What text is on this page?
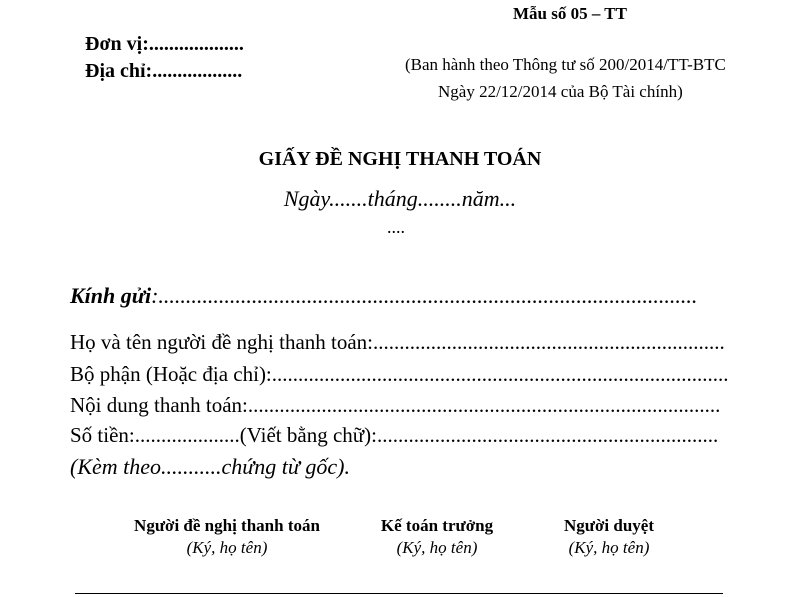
Mẫu số 05 – TT
Đơn vị:...................
Địa chỉ:..................	(Ban hành theo Thông tư số 200/2014/TT-BTC
Ngày 22/12/2014 của Bộ Tài chính)
GIẤY ĐỀ NGHỊ THANH TOÁN
Ngày.......tháng........năm...
....
Kính gửi:..................................................................................................
Họ và tên người đề nghị thanh toán:...................................................................
Bộ phận (Hoặc địa chỉ):.......................................................................................
Nội dung thanh toán:..........................................................................................
Số tiền:....................(Viết bằng chữ):.................................................................
(Kèm theo...........chứng từ gốc).
Người đề nghị thanh toán
(Ký, họ tên)
Kế toán trưởng
(Ký, họ tên)
Người duyệt
(Ký, họ tên)
